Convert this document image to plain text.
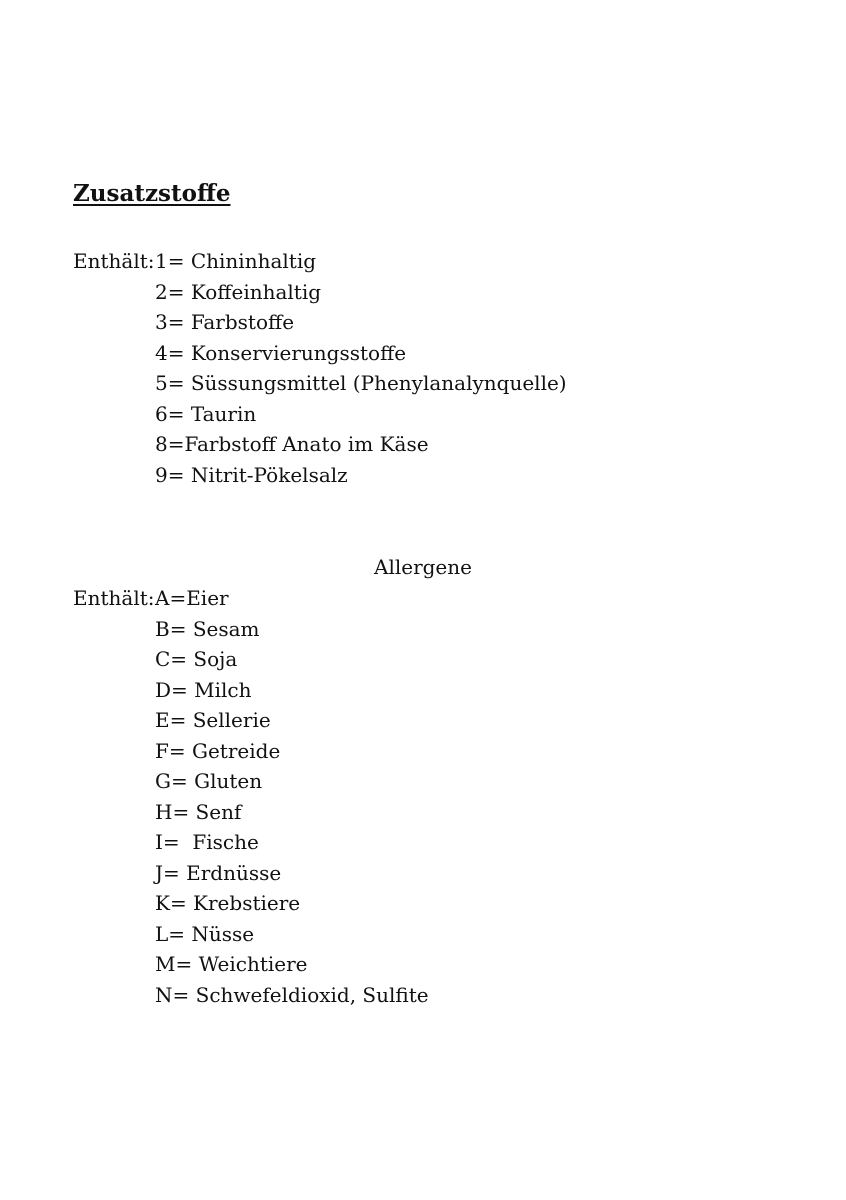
Zusatzstoffe
Enthält:
1= Chininhaltig
2= Koffeinhaltig
3= Farbstoffe
4= Konservierungsstoffe
5= Süssungsmittel (Phenylanalynquelle)
6= Taurin
8=Farbstoff Anato im Käse
9= Nitrit-Pökelsalz
Allergene
Enthält:
A=Eier
B= Sesam
C= Soja
D= Milch
E= Sellerie
F= Getreide
G= Gluten
H= Senf
I=  Fische
J= Erdnüsse
K= Krebstiere
L= Nüsse
M= Weichtiere
N= Schwefeldioxid, Sulfite
